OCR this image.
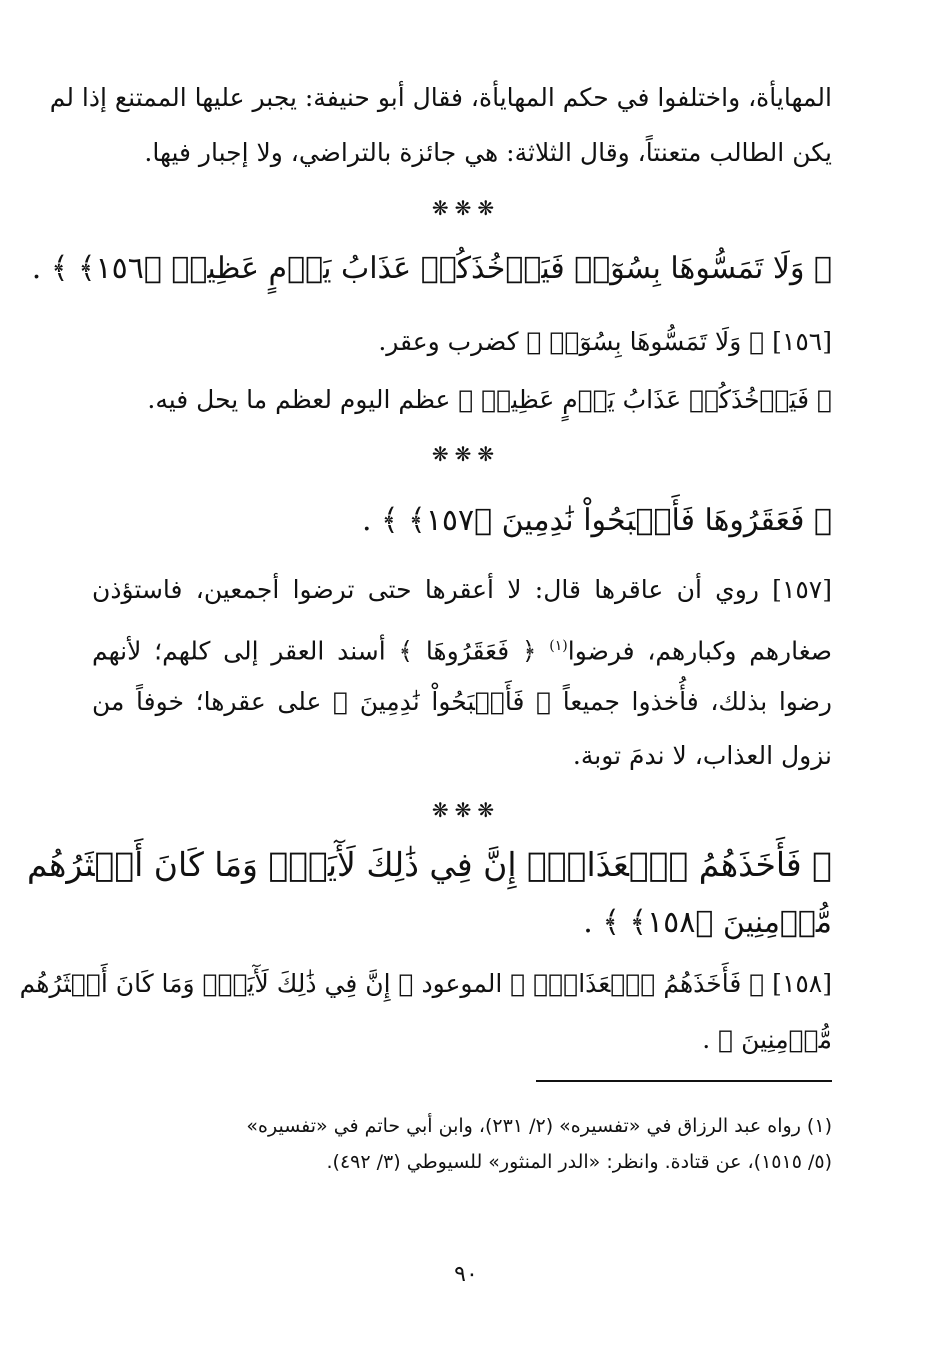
المهايأة، واختلفوا في حكم المهايأة، فقال أبو حنيفة: يجبر عليها الممتنع إذا لم
يكن الطالب متعنتاً، وقال الثلاثة: هي جائزة بالتراضي، ولا إجبار فيها.
❋❋❋
﴿ وَلَا تَمَسُّوهَا بِسُوٓءٖ فَيَأۡخُذَكُمۡ عَذَابُ يَوۡمٍ عَظِيمٖ ﴿١٥٦﴾ ﴾ .
[١٥٦] ﴿ وَلَا تَمَسُّوهَا بِسُوٓءٖ ﴾ كضرب وعقر.
﴿ فَيَأۡخُذَكُمۡ عَذَابُ يَوۡمٍ عَظِيمٖ ﴾ عظم اليوم لعظم ما يحل فيه.
❋❋❋
﴿ فَعَقَرُوهَا فَأَصۡبَحُواْ نَٰدِمِينَ ﴿١٥٧﴾ ﴾ .
[١٥٧] روي أن عاقرها قال: لا أعقرها حتى ترضوا أجمعين، فاستؤذن
صغارهم وكبارهم، فرضوا$^{(١)}$ ﴿ فَعَقَرُوهَا ﴾ أسند العقر إلى كلهم؛ لأنهم
رضوا بذلك، فأُخذوا جميعاً ﴿ فَأَصۡبَحُواْ نَٰدِمِينَ ﴾ على عقرها؛ خوفاً من
نزول العذاب، لا ندمَ توبة.
❋❋❋
﴿ فَأَخَذَهُمُ ٱلۡعَذَابُۚ إِنَّ فِي ذَٰلِكَ لَأٓيَةٗۖ وَمَا كَانَ أَكۡثَرُهُم
مُّؤۡمِنِينَ ﴿١٥٨﴾ ﴾ .
[١٥٨] ﴿ فَأَخَذَهُمُ ٱلۡعَذَابُۚ ﴾ الموعود ﴿ إِنَّ فِي ذَٰلِكَ لَأٓيَةٗۖ وَمَا كَانَ أَكۡثَرُهُم
مُّؤۡمِنِينَ ﴾ .
(١) رواه عبد الرزاق في «تفسيره» (٢/ ٢٣١)، وابن أبي حاتم في «تفسيره»
(٥/ ١٥١٥)، عن قتادة. وانظر: «الدر المنثور» للسيوطي (٣/ ٤٩٢).
٩٠
